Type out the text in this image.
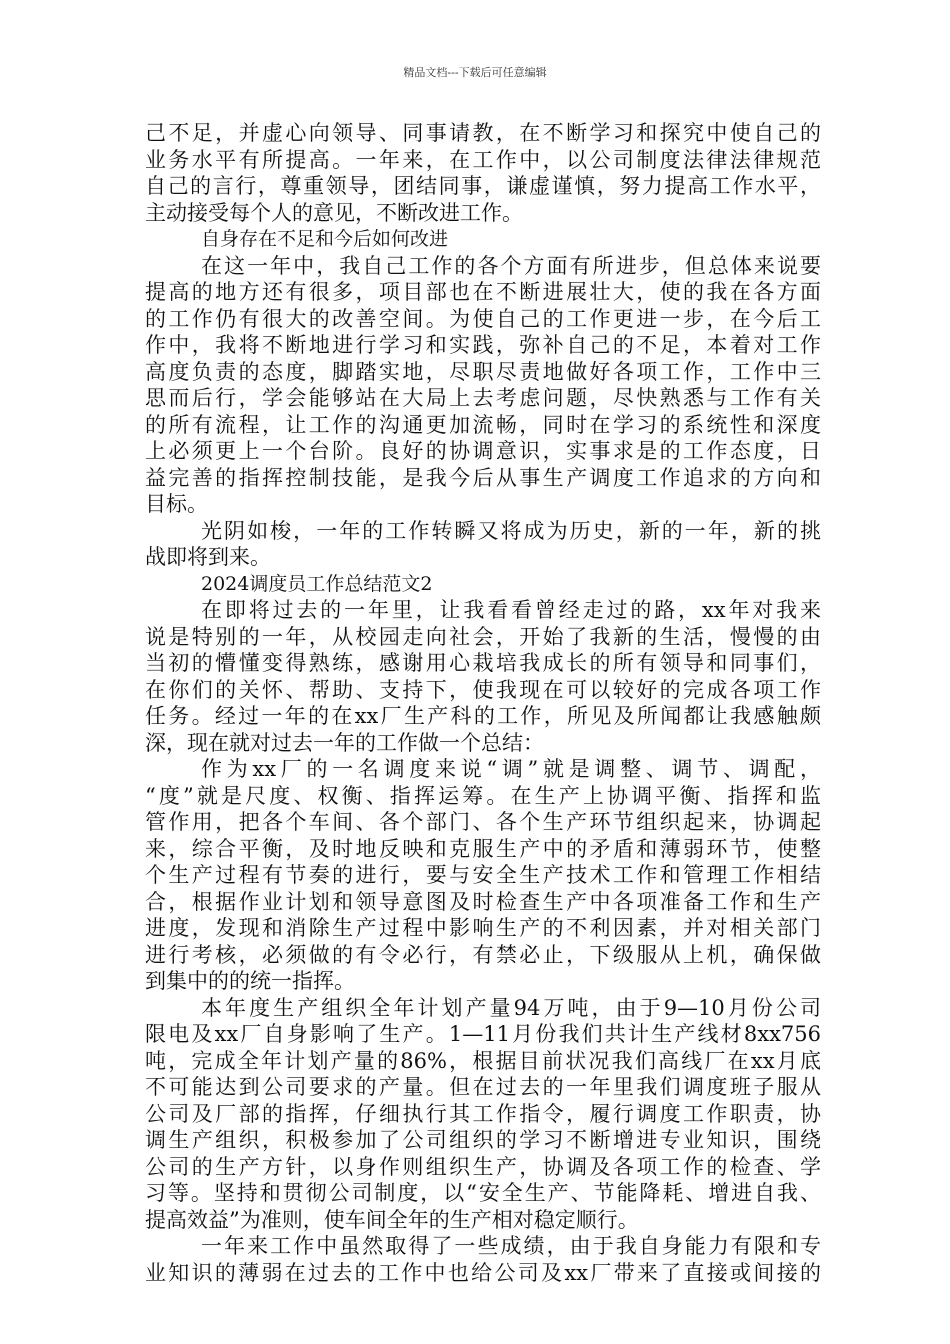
精品文档---下载后可任意编辑
己不足，并虚心向领导、同事请教，在不断学习和探究中使自己的
业务水平有所提高。一年来，在工作中，以公司制度法律法律规范
自己的言行，尊重领导，团结同事，谦虚谨慎，努力提高工作水平，
主动接受每个人的意见，不断改进工作。
自身存在不足和今后如何改进
在这一年中，我自己工作的各个方面有所进步，但总体来说要
提高的地方还有很多，项目部也在不断进展壮大，使的我在各方面
的工作仍有很大的改善空间。为使自己的工作更进一步，在今后工
作中，我将不断地进行学习和实践，弥补自己的不足，本着对工作
高度负责的态度，脚踏实地，尽职尽责地做好各项工作，工作中三
思而后行，学会能够站在大局上去考虑问题，尽快熟悉与工作有关
的所有流程，让工作的沟通更加流畅，同时在学习的系统性和深度
上必须更上一个台阶。良好的协调意识，实事求是的工作态度，日
益完善的指挥控制技能，是我今后从事生产调度工作追求的方向和
目标。
光阴如梭，一年的工作转瞬又将成为历史，新的一年，新的挑
战即将到来。
2024调度员工作总结范文2
在即将过去的一年里，让我看看曾经走过的路，xx年对我来
说是特别的一年，从校园走向社会，开始了我新的生活，慢慢的由
当初的懵懂变得熟练，感谢用心栽培我成长的所有领导和同事们，
在你们的关怀、帮助、支持下，使我现在可以较好的完成各项工作
任务。经过一年的在xx厂生产科的工作，所见及所闻都让我感触颇
深，现在就对过去一年的工作做一个总结：
作为xx厂的一名调度来说“调”就是调整、调节、调配，
“度”就是尺度、权衡、指挥运筹。在生产上协调平衡、指挥和监
管作用，把各个车间、各个部门、各个生产环节组织起来，协调起
来，综合平衡，及时地反映和克服生产中的矛盾和薄弱环节，使整
个生产过程有节奏的进行，要与安全生产技术工作和管理工作相结
合，根据作业计划和领导意图及时检查生产中各项准备工作和生产
进度，发现和消除生产过程中影响生产的不利因素，并对相关部门
进行考核，必须做的有令必行，有禁必止，下级服从上机，确保做
到集中的的统一指挥。
本年度生产组织全年计划产量94万吨，由于9—10月份公司
限电及xx厂自身影响了生产。1—11月份我们共计生产线材8xx756
吨，完成全年计划产量的86%，根据目前状况我们高线厂在xx月底
不可能达到公司要求的产量。但在过去的一年里我们调度班子服从
公司及厂部的指挥，仔细执行其工作指令，履行调度工作职责，协
调生产组织，积极参加了公司组织的学习不断增进专业知识，围绕
公司的生产方针，以身作则组织生产，协调及各项工作的检查、学
习等。坚持和贯彻公司制度，以“安全生产、节能降耗、增进自我、
提高效益”为准则，使车间全年的生产相对稳定顺行。
一年来工作中虽然取得了一些成绩，由于我自身能力有限和专
业知识的薄弱在过去的工作中也给公司及xx厂带来了直接或间接的
